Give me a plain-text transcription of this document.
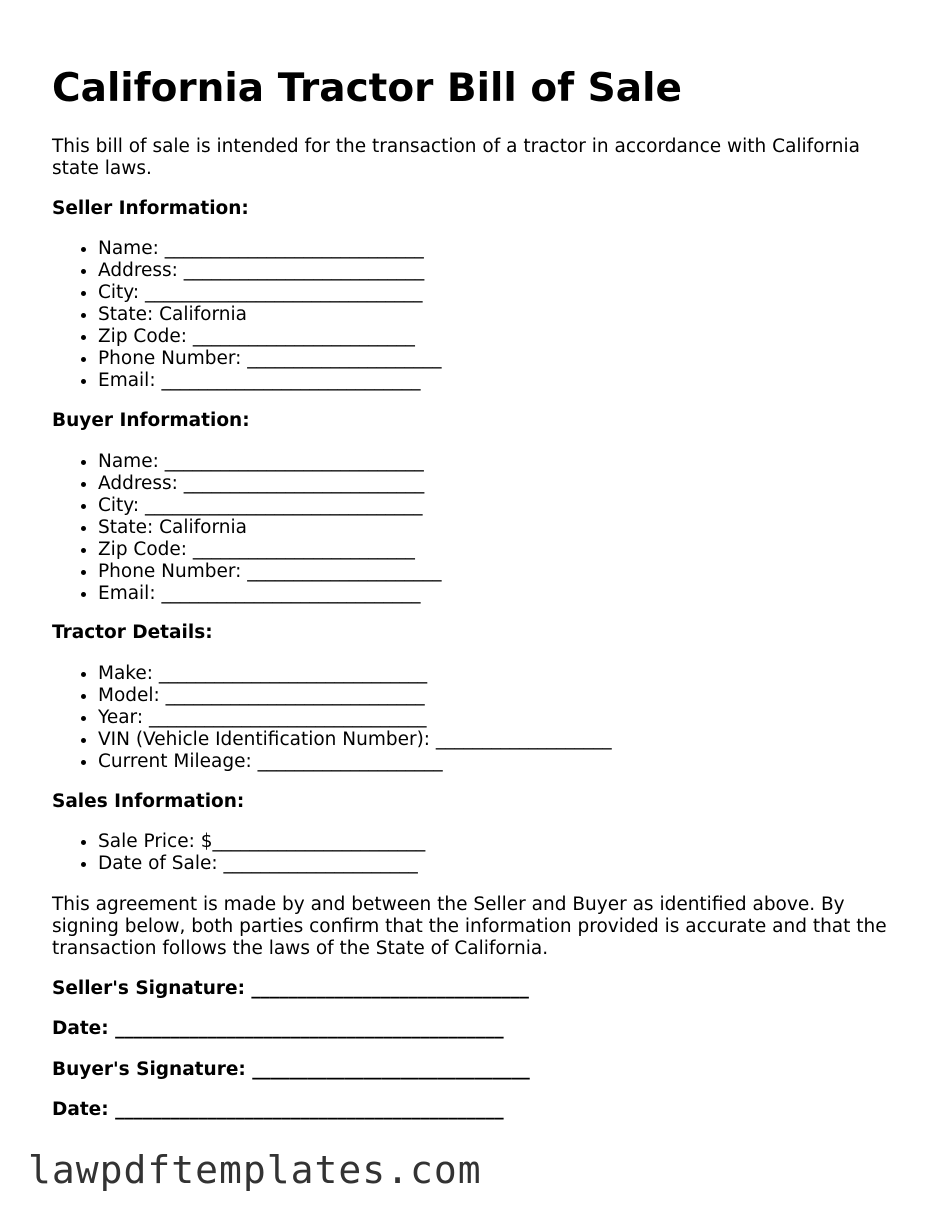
California Tractor Bill of Sale
This bill of sale is intended for the transaction of a tractor in accordance with California state laws.
Seller Information:
• Name: ____________________________
• Address: __________________________
• City: ______________________________
• State: California
• Zip Code: ________________________
• Phone Number: _____________________
• Email: ____________________________
Buyer Information:
• Name: ____________________________
• Address: __________________________
• City: ______________________________
• State: California
• Zip Code: ________________________
• Phone Number: _____________________
• Email: ____________________________
Tractor Details:
• Make: _____________________________
• Model: ____________________________
• Year: ______________________________
• VIN (Vehicle Identification Number): ___________________
• Current Mileage: ____________________
Sales Information:
• Sale Price: $_______________________
• Date of Sale: _____________________
This agreement is made by and between the Seller and Buyer as identified above. By signing below, both parties confirm that the information provided is accurate and that the transaction follows the laws of the State of California.
Seller's Signature: ______________________________
Date: __________________________________________
Buyer's Signature: ______________________________
Date: __________________________________________
lawpdftemplates.com
